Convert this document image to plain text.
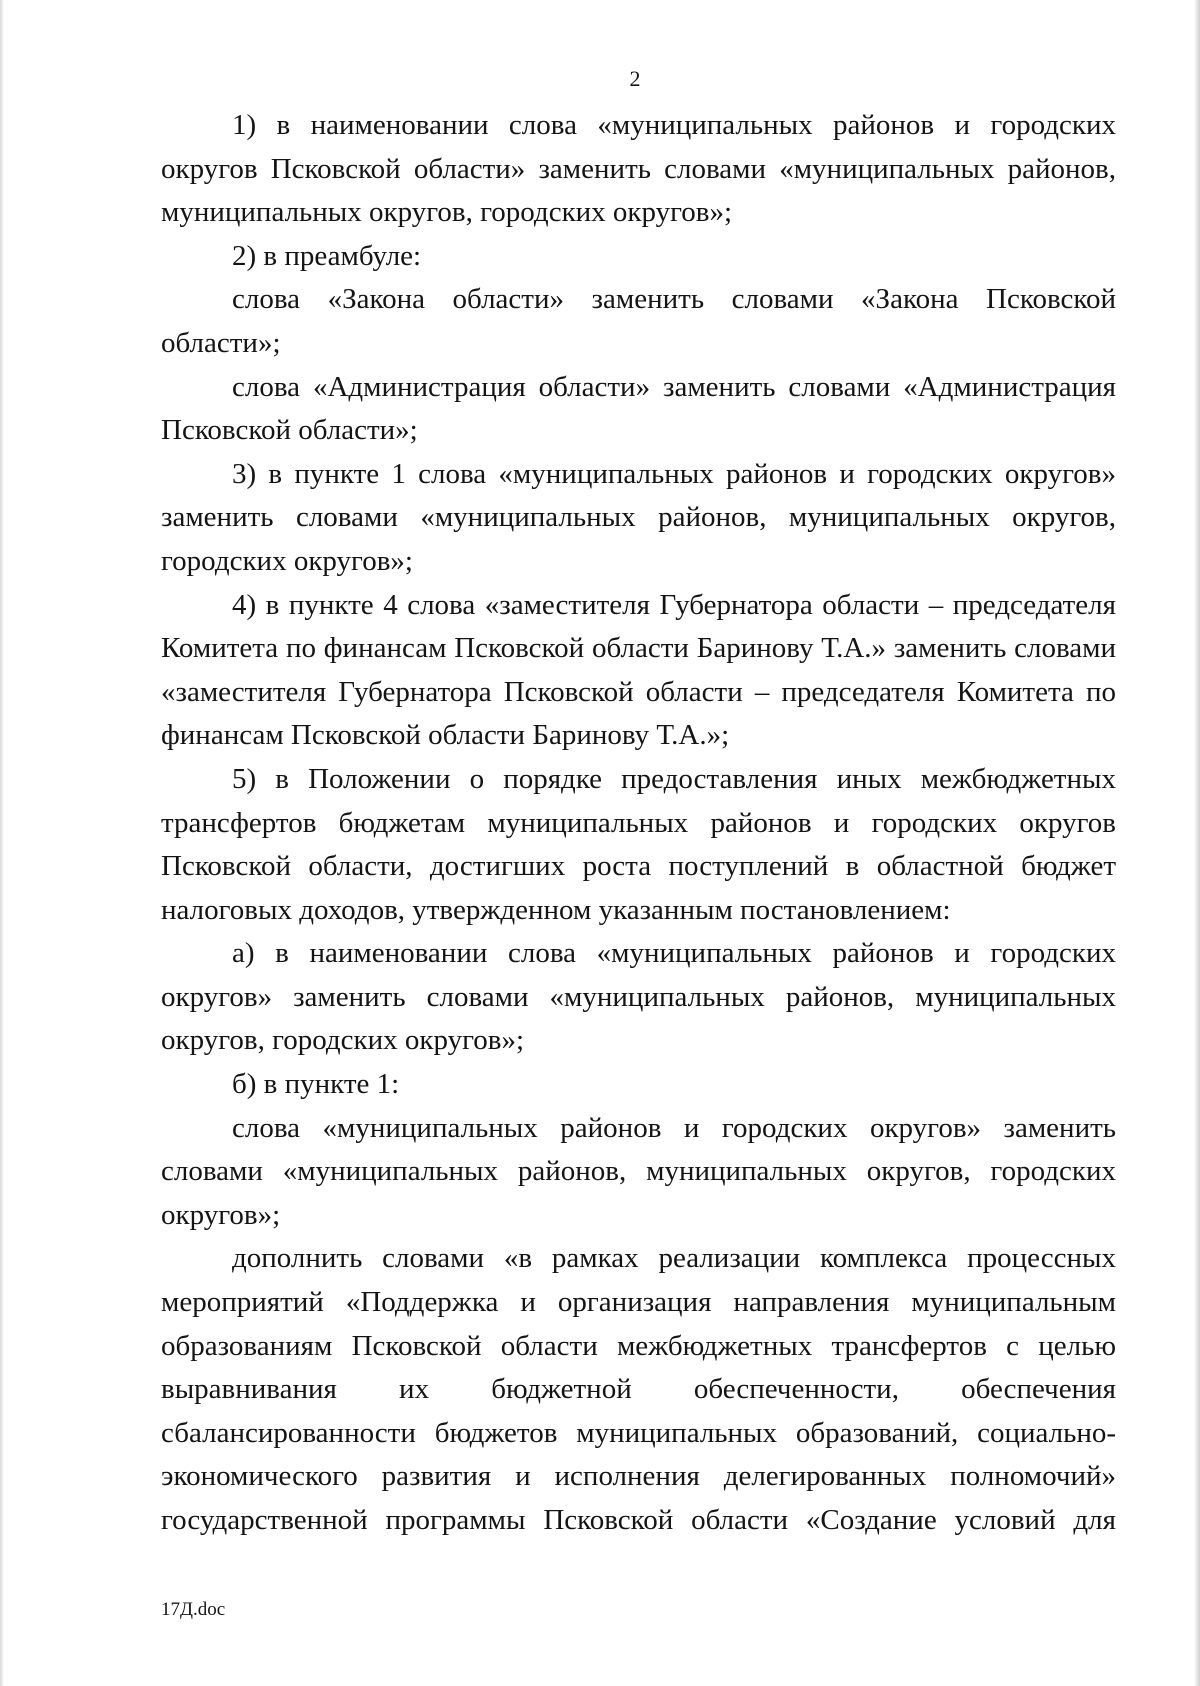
2

1) в наименовании слова «муниципальных районов и городских округов Псковской области» заменить словами «муниципальных районов, муниципальных округов, городских округов»;

2) в преамбуле:

слова «Закона области» заменить словами «Закона Псковской области»;

слова «Администрация области» заменить словами «Администрация Псковской области»;

3) в пункте 1 слова «муниципальных районов и городских округов» заменить словами «муниципальных районов, муниципальных округов, городских округов»;

4) в пункте 4 слова «заместителя Губернатора области – председателя Комитета по финансам Псковской области Баринову Т.А.» заменить словами «заместителя Губернатора Псковской области – председателя Комитета по финансам Псковской области Баринову Т.А.»;

5) в Положении о порядке предоставления иных межбюджетных трансфертов бюджетам муниципальных районов и городских округов Псковской области, достигших роста поступлений в областной бюджет налоговых доходов, утвержденном указанным постановлением:

а) в наименовании слова «муниципальных районов и городских округов» заменить словами «муниципальных районов, муниципальных округов, городских округов»;

б) в пункте 1:

слова «муниципальных районов и городских округов» заменить словами «муниципальных районов, муниципальных округов, городских округов»;

дополнить словами «в рамках реализации комплекса процессных мероприятий «Поддержка и организация направления муниципальным образованиям Псковской области межбюджетных трансфертов с целью выравнивания их бюджетной обеспеченности, обеспечения сбалансированности бюджетов муниципальных образований, социально-экономического развития и исполнения делегированных полномочий» государственной программы Псковской области «Создание условий для

17Д.doc
